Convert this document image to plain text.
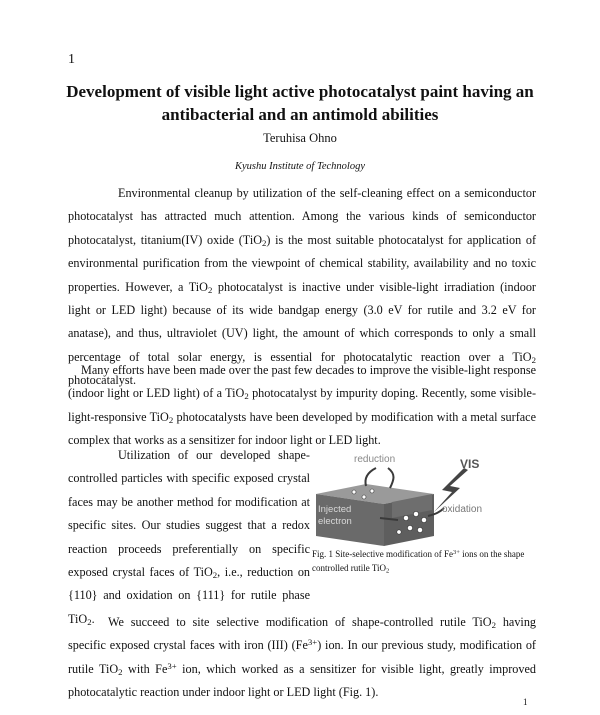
1
Development of visible light active photocatalyst paint having an
antibacterial and an antimold abilities
Teruhisa Ohno
Kyushu Institute of Technology

Environmental cleanup by utilization of the self-cleaning effect on a semiconductor photocatalyst has attracted much attention. Among the various kinds of semiconductor photocatalyst, titanium(IV) oxide (TiO$_2$) is the most suitable photocatalyst for application of environmental purification from the viewpoint of chemical stability, availability and no toxic properties. However, a TiO$_2$ photocatalyst is inactive under visible-light irradiation (indoor light or LED light) because of its wide bandgap energy (3.0 eV for rutile and 3.2 eV for anatase), and thus, ultraviolet (UV) light, the amount of which corresponds to only a small percentage of total solar energy, is essential for photocatalytic reaction over a TiO$_2$ photocatalyst.

Many efforts have been made over the past few decades to improve the visible-light response (indoor light or LED light) of a TiO$_2$ photocatalyst by impurity doping. Recently, some visible-light-responsive TiO$_2$ photocatalysts have been developed by modification with a metal surface complex that works as a sensitizer for indoor light or LED light.

Utilization of our developed shape-controlled particles with specific exposed crystal faces may be another method for modification at specific sites. Our studies suggest that a redox reaction proceeds preferentially on specific exposed crystal faces of TiO$_2$, i.e., reduction on {110} and oxidation on {111} for rutile phase TiO$_2$.

reduction	VIS
oxidation
Injected
electron
Fig. 1 Site-selective modification of $Fe^{3+}$ ions on the shape controlled rutile TiO$_2$

We succeed to site selective modification of shape-controlled rutile TiO$_2$ having specific exposed crystal faces with iron (III) $(Fe^{3+})$ ion. In our previous study, modification of rutile TiO$_2$ with $Fe^{3+}$ ion, which worked as a sensitizer for visible light, greatly improved photocatalytic reaction under indoor light or LED light (Fig. 1).

1
